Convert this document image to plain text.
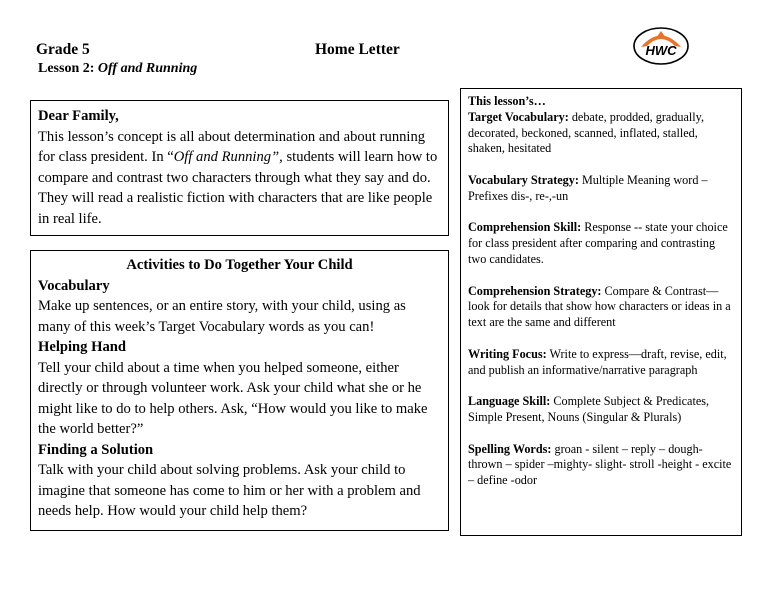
Grade 5
Lesson 2: Off and Running
Home Letter	HWC
Dear Family,
This lesson’s concept is all about determination and about running for class president. In “Off and Running”, students will learn how to compare and contrast two characters through what they say and do. They will read a realistic fiction with characters that are like people in real life.
Activities to Do Together Your Child
Vocabulary
Make up sentences, or an entire story, with your child, using as many of this week’s Target Vocabulary words as you can!
Helping Hand
Tell your child about a time when you helped someone, either directly or through volunteer work. Ask your child what she or he might like to do to help others. Ask, “How would you like to make the world better?”
Finding a Solution
Talk with your child about solving problems. Ask your child to imagine that someone has come to him or her with a problem and needs help. How would your child help them?
This lesson’s…

Target Vocabulary: debate, prodded, gradually, decorated, beckoned, scanned, inflated, stalled, shaken, hesitated

Vocabulary Strategy: Multiple Meaning word – Prefixes dis-, re-,-un

Comprehension Skill: Response -- state your choice for class president after comparing and contrasting two candidates.

Comprehension Strategy: Compare & Contrast— look for details that show how characters or ideas in a text are the same and different

Writing Focus: Write to express—draft, revise, edit, and publish an informative/narrative paragraph

Language Skill: Complete Subject & Predicates, Simple Present, Nouns (Singular & Plurals)

Spelling Words: groan - silent – reply – dough- thrown – spider –mighty- slight- stroll -height - excite – define -odor
